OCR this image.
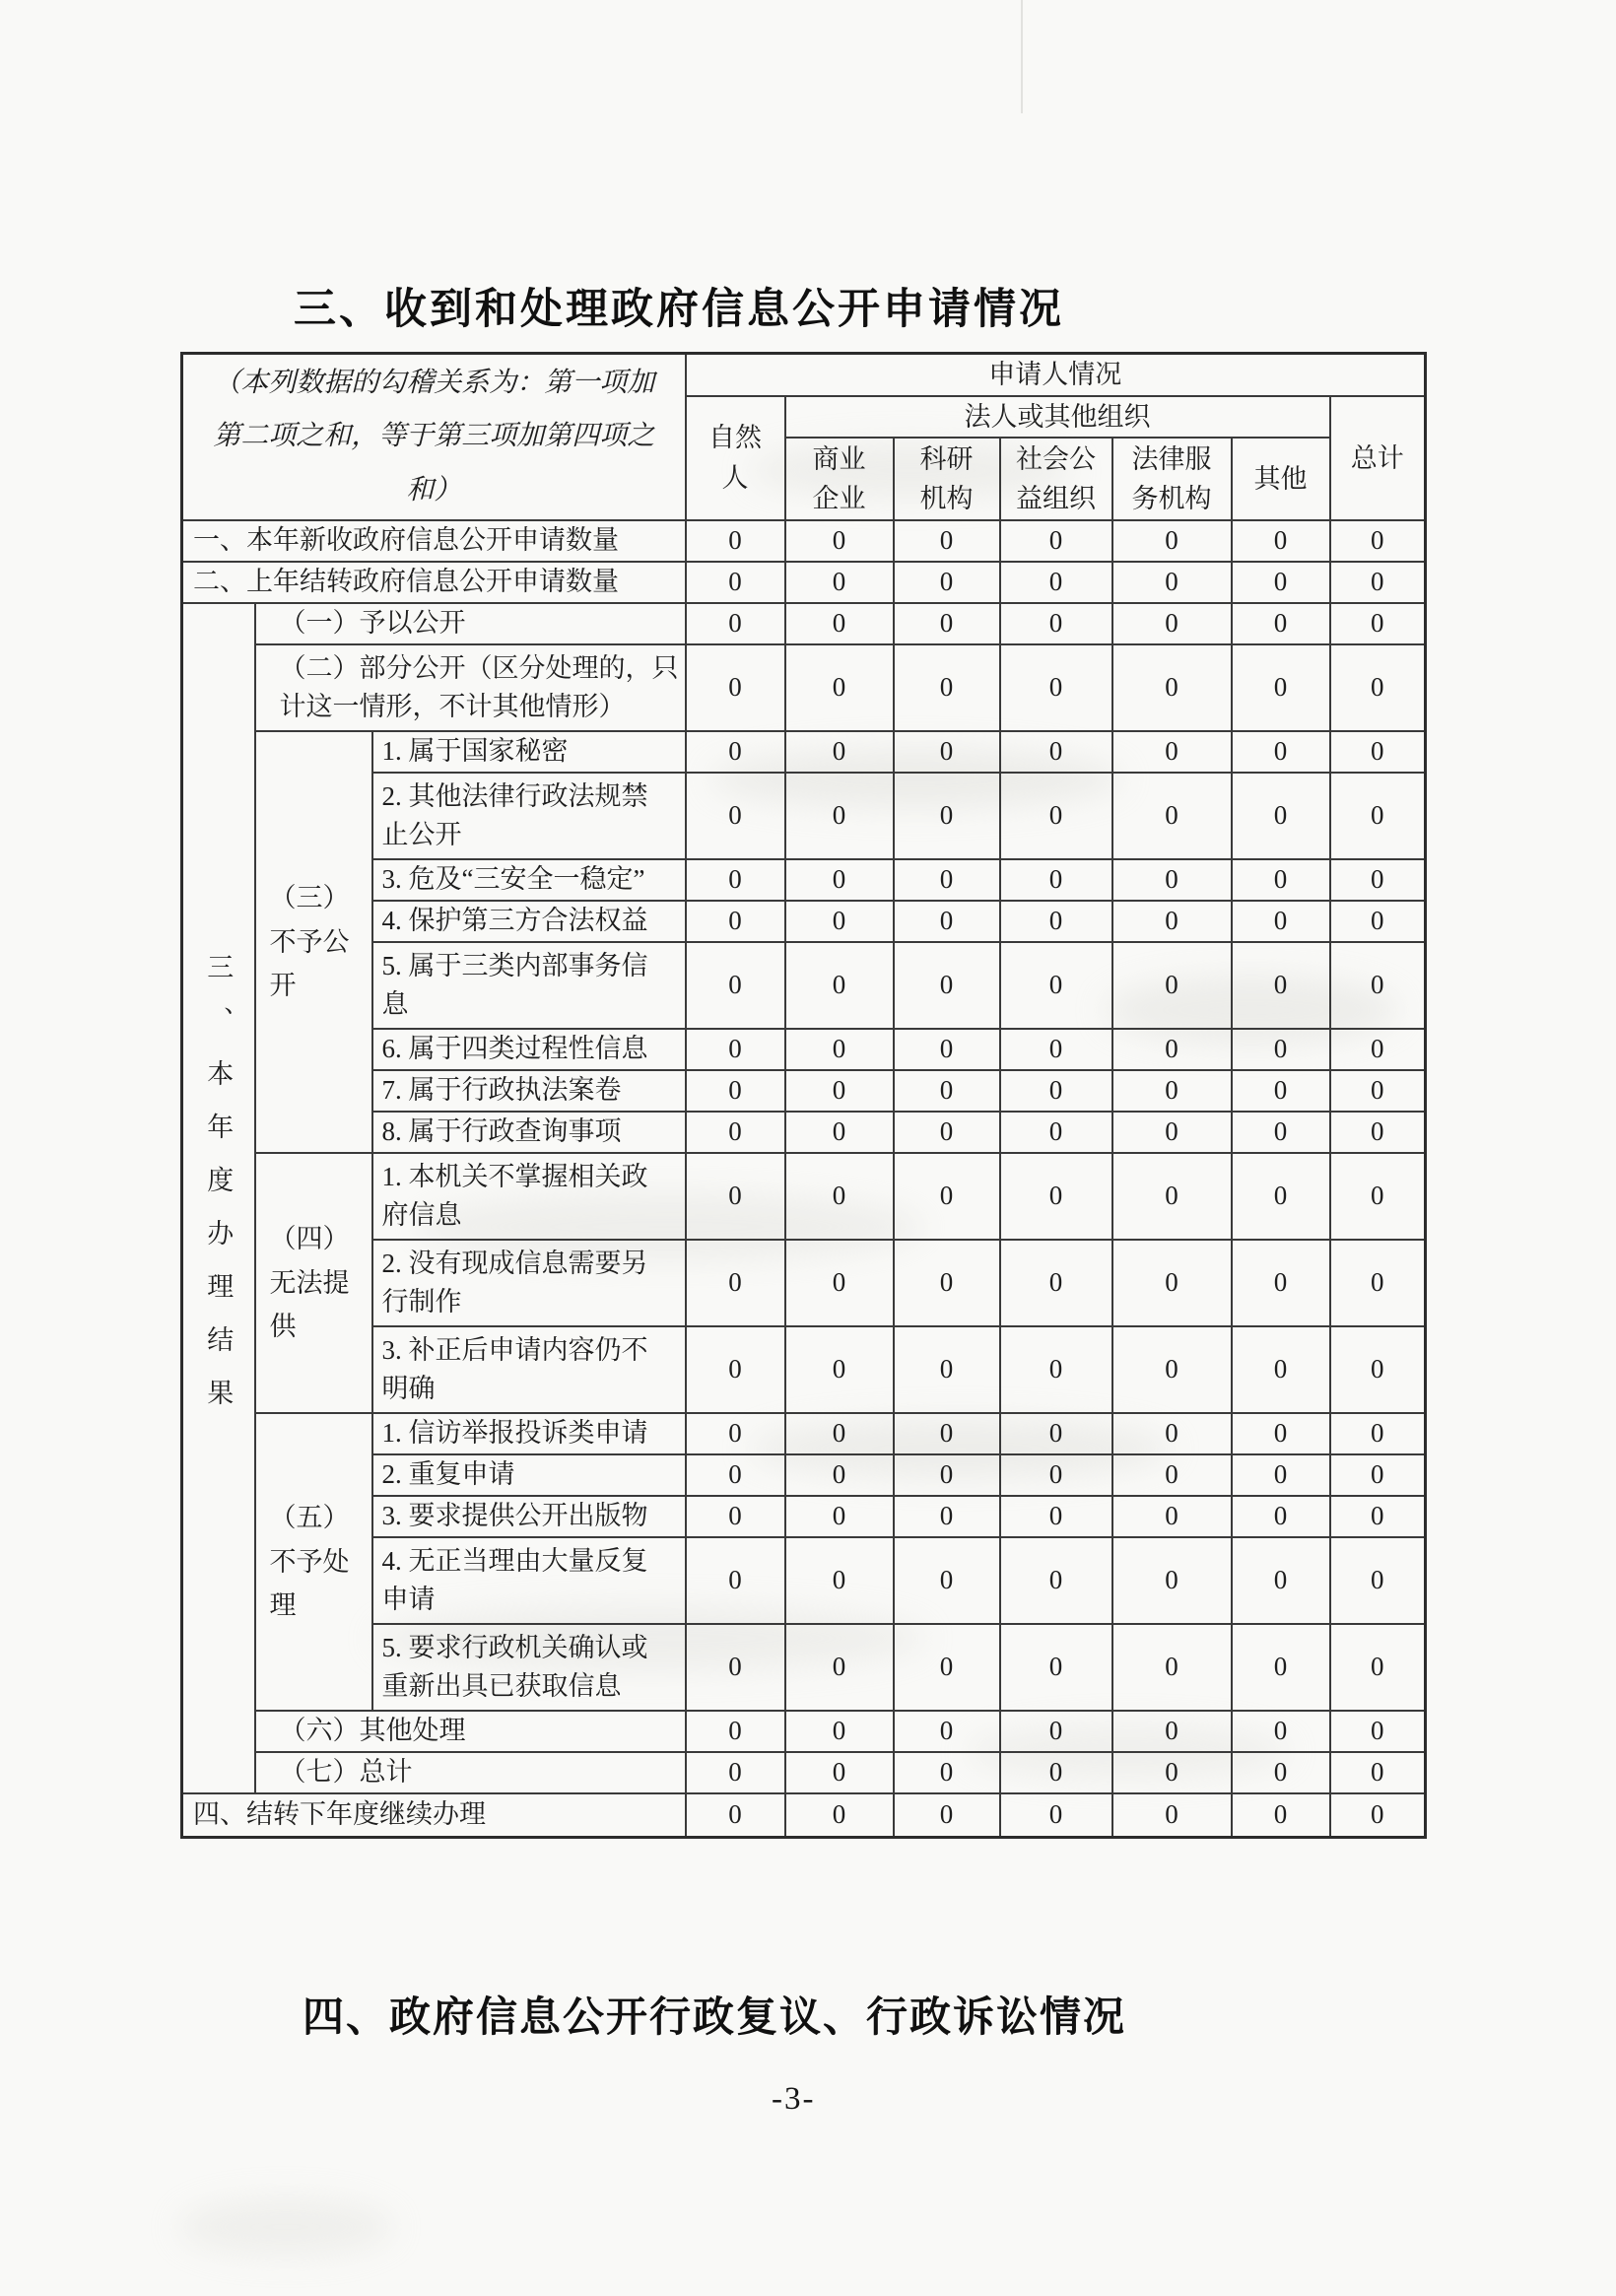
三、收到和处理政府信息公开申请情况
（本列数据的勾稽关系为：第一项加第二项之和，等于第三项加第四项之和）			申请人情况						
			自然人	法人或其他组织					总计
				商业企业	科研机构	社会公益组织	法律服务机构	其他	
一、本年新收政府信息公开申请数量			0	0	0	0	0	0	0
二、上年结转政府信息公开申请数量			0	0	0	0	0	0	0
三、本年度办理结果	（一）予以公开		0	0	0	0	0	0	0
	（二）部分公开（区分处理的，只计这一情形，不计其他情形）		0	0	0	0	0	0	0
	（三）不予公开	1. 属于国家秘密	0	0	0	0	0	0	0
		2. 其他法律行政法规禁止公开	0	0	0	0	0	0	0
		3. 危及“三安全一稳定”	0	0	0	0	0	0	0
		4. 保护第三方合法权益	0	0	0	0	0	0	0
		5. 属于三类内部事务信息	0	0	0	0	0	0	0
		6. 属于四类过程性信息	0	0	0	0	0	0	0
		7. 属于行政执法案卷	0	0	0	0	0	0	0
		8. 属于行政查询事项	0	0	0	0	0	0	0
	（四）无法提供	1. 本机关不掌握相关政府信息	0	0	0	0	0	0	0
		2. 没有现成信息需要另行制作	0	0	0	0	0	0	0
		3. 补正后申请内容仍不明确	0	0	0	0	0	0	0
	（五）不予处理	1. 信访举报投诉类申请	0	0	0	0	0	0	0
		2. 重复申请	0	0	0	0	0	0	0
		3. 要求提供公开出版物	0	0	0	0	0	0	0
		4. 无正当理由大量反复申请	0	0	0	0	0	0	0
		5. 要求行政机关确认或重新出具已获取信息	0	0	0	0	0	0	0
	（六）其他处理		0	0	0	0	0	0	0
	（七）总计		0	0	0	0	0	0	0
四、结转下年度继续办理			0	0	0	0	0	0	0
四、政府信息公开行政复议、行政诉讼情况
-3-
